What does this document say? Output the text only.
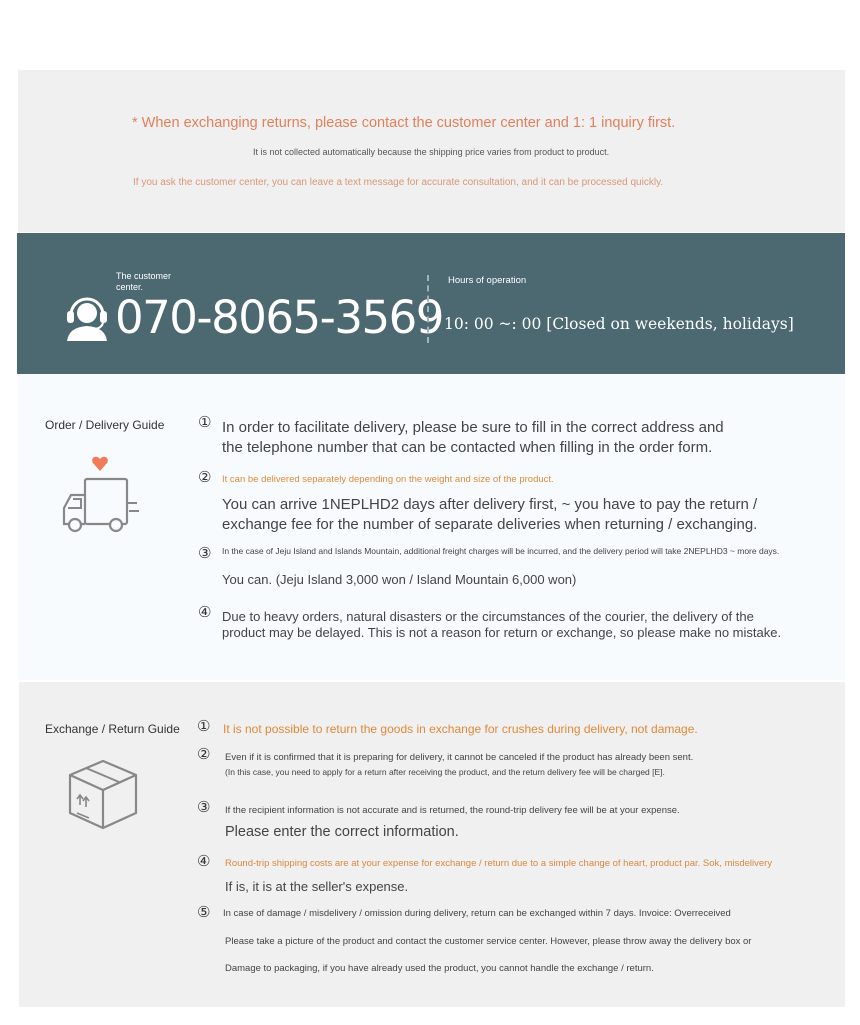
* When exchanging returns, please contact the customer center and 1: 1 inquiry first.
It is not collected automatically because the shipping price varies from product to product.
If you ask the customer center, you can leave a text message for accurate consultation, and it can be processed quickly.
The customer center.
070-8065-3569
Hours of operation
10: 00 ~: 00 [Closed on weekends, holidays]
Order / Delivery Guide ① In order to facilitate delivery, please be sure to fill in the correct address and
the telephone number that can be contacted when filling in the order form.
② It can be delivered separately depending on the weight and size of the product.
You can arrive 1NEPLHD2 days after delivery first, ~ you have to pay the return /
exchange fee for the number of separate deliveries when returning / exchanging.
③ In the case of Jeju Island and Islands Mountain, additional freight charges will be incurred, and the delivery period will take 2NEPLHD3 ~ more days.
You can. (Jeju Island 3,000 won / Island Mountain 6,000 won)
④ Due to heavy orders, natural disasters or the circumstances of the courier, the delivery of the
product may be delayed. This is not a reason for return or exchange, so please make no mistake.
Exchange / Return Guide ① It is not possible to return the goods in exchange for crushes during delivery, not damage.
② Even if it is confirmed that it is preparing for delivery, it cannot be canceled if the product has already been sent.
(In this case, you need to apply for a return after receiving the product, and the return delivery fee will be charged [E].
③ If the recipient information is not accurate and is returned, the round-trip delivery fee will be at your expense.
Please enter the correct information.
④ Round-trip shipping costs are at your expense for exchange / return due to a simple change of heart, product par. Sok, misdelivery
If is, it is at the seller's expense.
⑤ In case of damage / misdelivery / omission during delivery, return can be exchanged within 7 days. Invoice: Overreceived
Please take a picture of the product and contact the customer service center. However, please throw away the delivery box or
Damage to packaging, if you have already used the product, you cannot handle the exchange / return.
